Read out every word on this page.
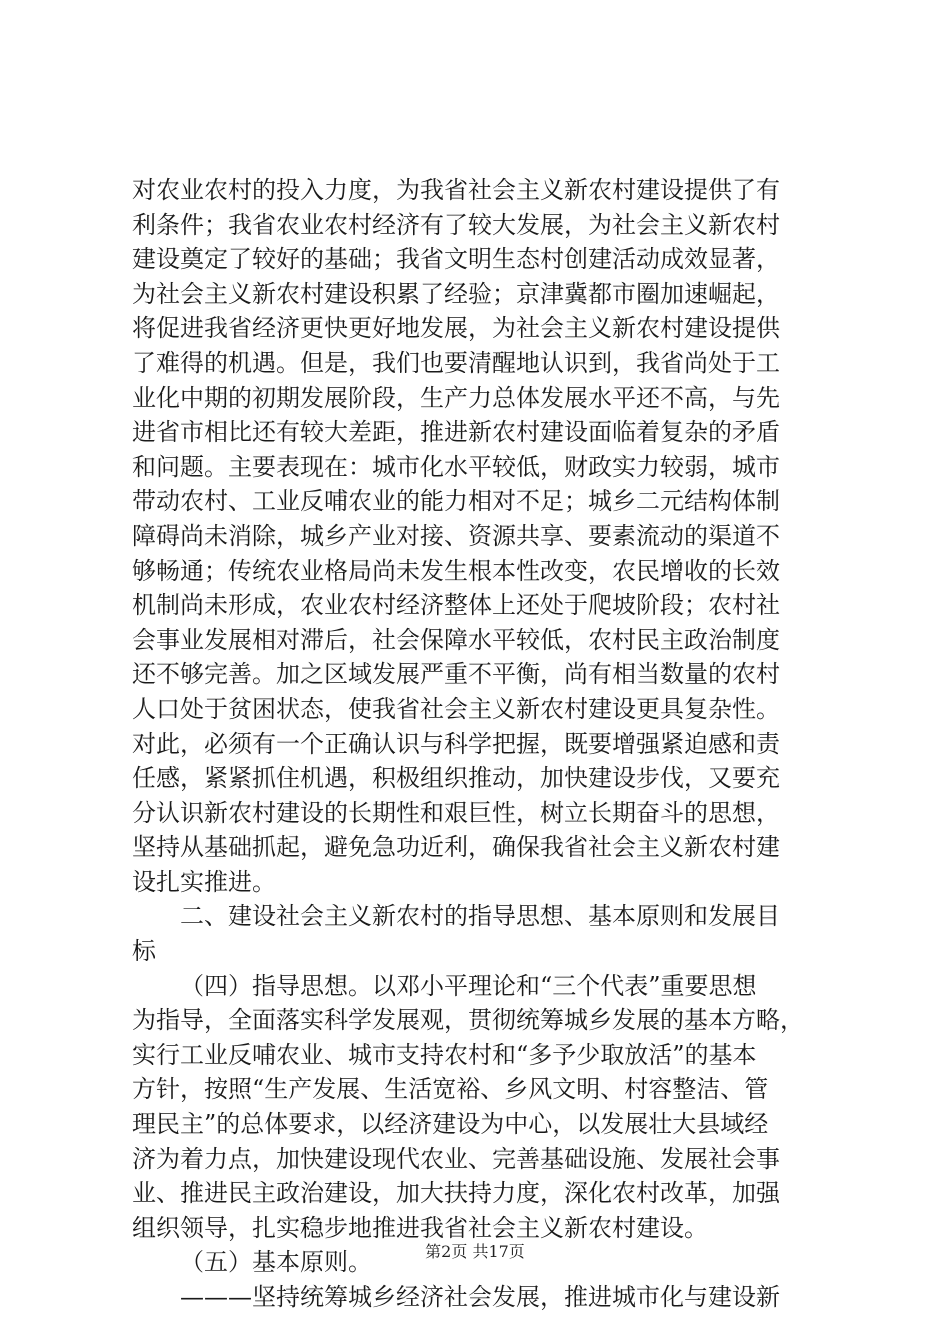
对农业农村的投入力度，为我省社会主义新农村建设提供了有
利条件；我省农业农村经济有了较大发展，为社会主义新农村
建设奠定了较好的基础；我省文明生态村创建活动成效显著，
为社会主义新农村建设积累了经验；京津冀都市圈加速崛起，
将促进我省经济更快更好地发展，为社会主义新农村建设提供
了难得的机遇。但是，我们也要清醒地认识到，我省尚处于工
业化中期的初期发展阶段，生产力总体发展水平还不高，与先
进省市相比还有较大差距，推进新农村建设面临着复杂的矛盾
和问题。主要表现在：城市化水平较低，财政实力较弱，城市
带动农村、工业反哺农业的能力相对不足；城乡二元结构体制
障碍尚未消除，城乡产业对接、资源共享、要素流动的渠道不
够畅通；传统农业格局尚未发生根本性改变，农民增收的长效
机制尚未形成，农业农村经济整体上还处于爬坡阶段；农村社
会事业发展相对滞后，社会保障水平较低，农村民主政治制度
还不够完善。加之区域发展严重不平衡，尚有相当数量的农村
人口处于贫困状态，使我省社会主义新农村建设更具复杂性。
对此，必须有一个正确认识与科学把握，既要增强紧迫感和责
任感，紧紧抓住机遇，积极组织推动，加快建设步伐，又要充
分认识新农村建设的长期性和艰巨性，树立长期奋斗的思想，
坚持从基础抓起，避免急功近利，确保我省社会主义新农村建
设扎实推进。
二、建设社会主义新农村的指导思想、基本原则和发展目
标
（四）指导思想。以邓小平理论和“三个代表”重要思想
为指导，全面落实科学发展观，贯彻统筹城乡发展的基本方略，
实行工业反哺农业、城市支持农村和“多予少取放活”的基本
方针，按照“生产发展、生活宽裕、乡风文明、村容整洁、管
理民主”的总体要求，以经济建设为中心，以发展壮大县域经
济为着力点，加快建设现代农业、完善基础设施、发展社会事
业、推进民主政治建设，加大扶持力度，深化农村改革，加强
组织领导，扎实稳步地推进我省社会主义新农村建设。
（五）基本原则。
———坚持统筹城乡经济社会发展，推进城市化与建设新
第2页 共17页
